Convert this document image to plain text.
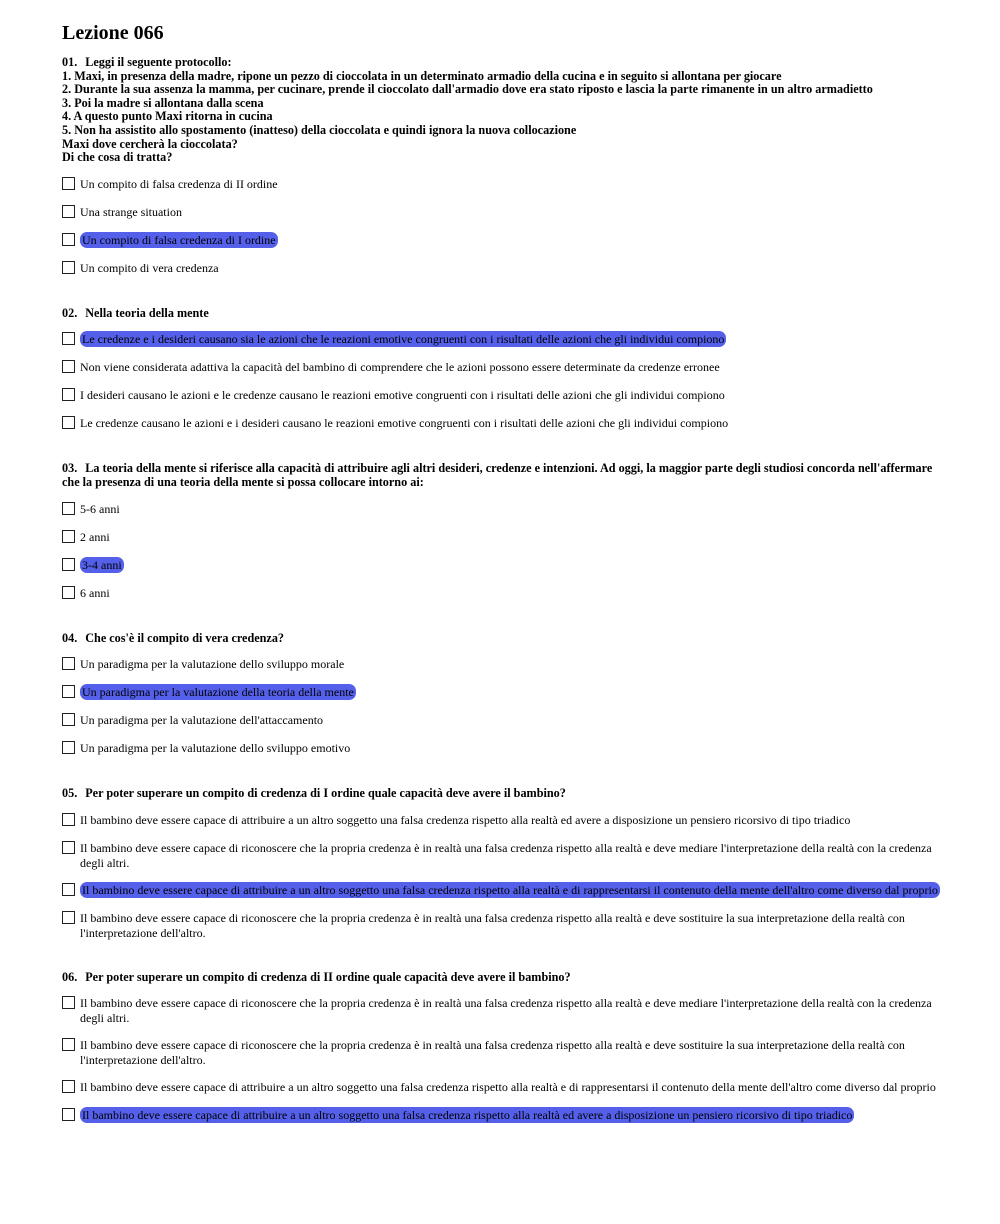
Lezione 066
01. Leggi il seguente protocollo:
1. Maxi, in presenza della madre, ripone un pezzo di cioccolata in un determinato armadio della cucina e in seguito si allontana per giocare
2. Durante la sua assenza la mamma, per cucinare, prende il cioccolato dall'armadio dove era stato riposto e lascia la parte rimanente in un altro armadietto
3. Poi la madre si allontana dalla scena
4. A questo punto Maxi ritorna in cucina
5. Non ha assistito allo spostamento (inatteso) della cioccolata e quindi ignora la nuova collocazione
Maxi dove cercherà la cioccolata?
Di che cosa di tratta?
Un compito di falsa credenza di II ordine
Una strange situation
Un compito di falsa credenza di I ordine
Un compito di vera credenza
02. Nella teoria della mente
Le credenze e i desideri causano sia le azioni che le reazioni emotive congruenti con i risultati delle azioni che gli individui compiono
Non viene considerata adattiva la capacità del bambino di comprendere che le azioni possono essere determinate da credenze erronee
I desideri causano le azioni e le credenze causano le reazioni emotive congruenti con i risultati delle azioni che gli individui compiono
Le credenze causano le azioni e i desideri causano le reazioni emotive congruenti con i risultati delle azioni che gli individui compiono
03. La teoria della mente si riferisce alla capacità di attribuire agli altri desideri, credenze e intenzioni. Ad oggi, la maggior parte degli studiosi concorda nell'affermare che la presenza di una teoria della mente si possa collocare intorno ai:
5-6 anni
2 anni
3-4 anni
6 anni
04. Che cos'è il compito di vera credenza?
Un paradigma per la valutazione dello sviluppo morale
Un paradigma per la valutazione della teoria della mente
Un paradigma per la valutazione dell'attaccamento
Un paradigma per la valutazione dello sviluppo emotivo
05. Per poter superare un compito di credenza di I ordine quale capacità deve avere il bambino?
Il bambino deve essere capace di attribuire a un altro soggetto una falsa credenza rispetto alla realtà ed avere a disposizione un pensiero ricorsivo di tipo triadico
Il bambino deve essere capace di riconoscere che la propria credenza è in realtà una falsa credenza rispetto alla realtà e deve mediare l'interpretazione della realtà con la credenza degli altri.
Il bambino deve essere capace di attribuire a un altro soggetto una falsa credenza rispetto alla realtà e di rappresentarsi il contenuto della mente dell'altro come diverso dal proprio
Il bambino deve essere capace di riconoscere che la propria credenza è in realtà una falsa credenza rispetto alla realtà e deve sostituire la sua interpretazione della realtà con l'interpretazione dell'altro.
06. Per poter superare un compito di credenza di II ordine quale capacità deve avere il bambino?
Il bambino deve essere capace di riconoscere che la propria credenza è in realtà una falsa credenza rispetto alla realtà e deve mediare l'interpretazione della realtà con la credenza degli altri.
Il bambino deve essere capace di riconoscere che la propria credenza è in realtà una falsa credenza rispetto alla realtà e deve sostituire la sua interpretazione della realtà con l'interpretazione dell'altro.
Il bambino deve essere capace di attribuire a un altro soggetto una falsa credenza rispetto alla realtà e di rappresentarsi il contenuto della mente dell'altro come diverso dal proprio
Il bambino deve essere capace di attribuire a un altro soggetto una falsa credenza rispetto alla realtà ed avere a disposizione un pensiero ricorsivo di tipo triadico
